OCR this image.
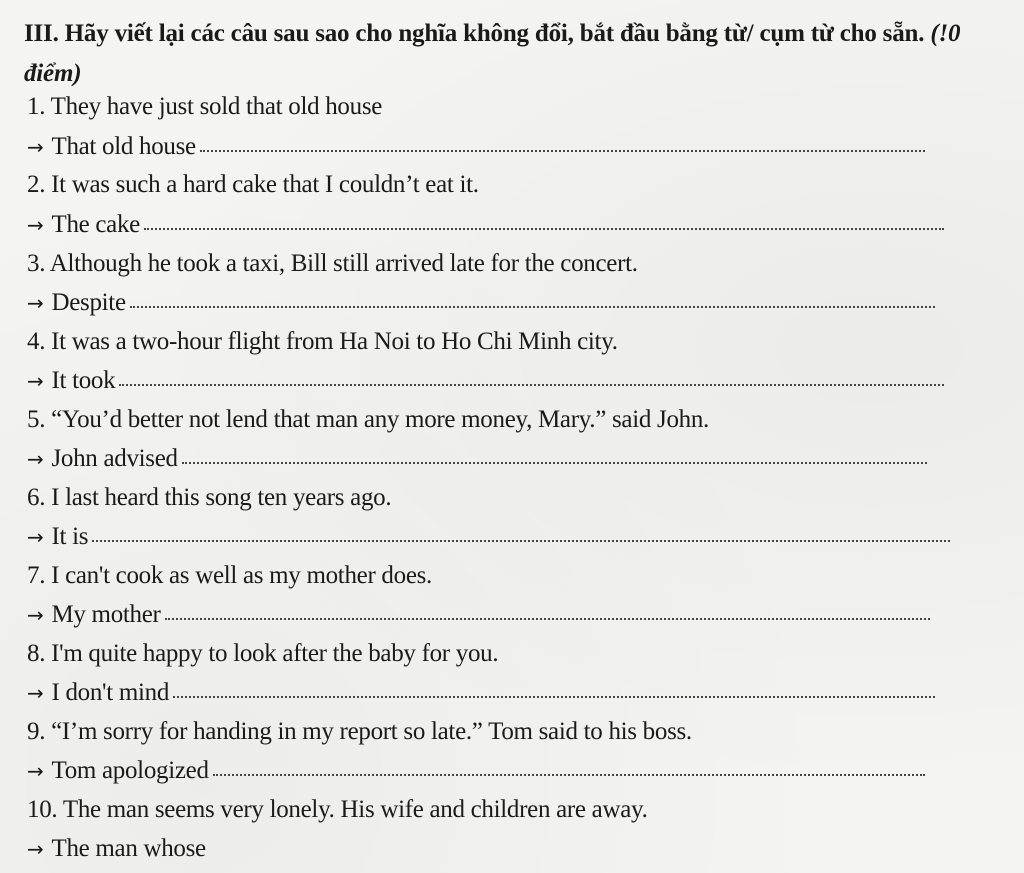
III. Hãy viết lại các câu sau sao cho nghĩa không đổi, bắt đầu bằng từ/ cụm từ cho sẵn. (!0 điểm)
1. They have just sold that old house
→ That old house
2. It was such a hard cake that I couldn’t eat it.
→ The cake
3. Although he took a taxi, Bill still arrived late for the concert.
→ Despite
4. It was a two-hour flight from Ha Noi to Ho Chi Minh city.
→ It took
5. “You’d better not lend that man any more money, Mary.” said John.
→ John advised
6. I last heard this song ten years ago.
→ It is
7. I can't cook as well as my mother does.
→ My mother
8. I'm quite happy to look after the baby for you.
→ I don't mind
9. “I’m sorry for handing in my report so late.” Tom said to his boss.
→ Tom apologized
10. The man seems very lonely. His wife and children are away.
→ The man whose
